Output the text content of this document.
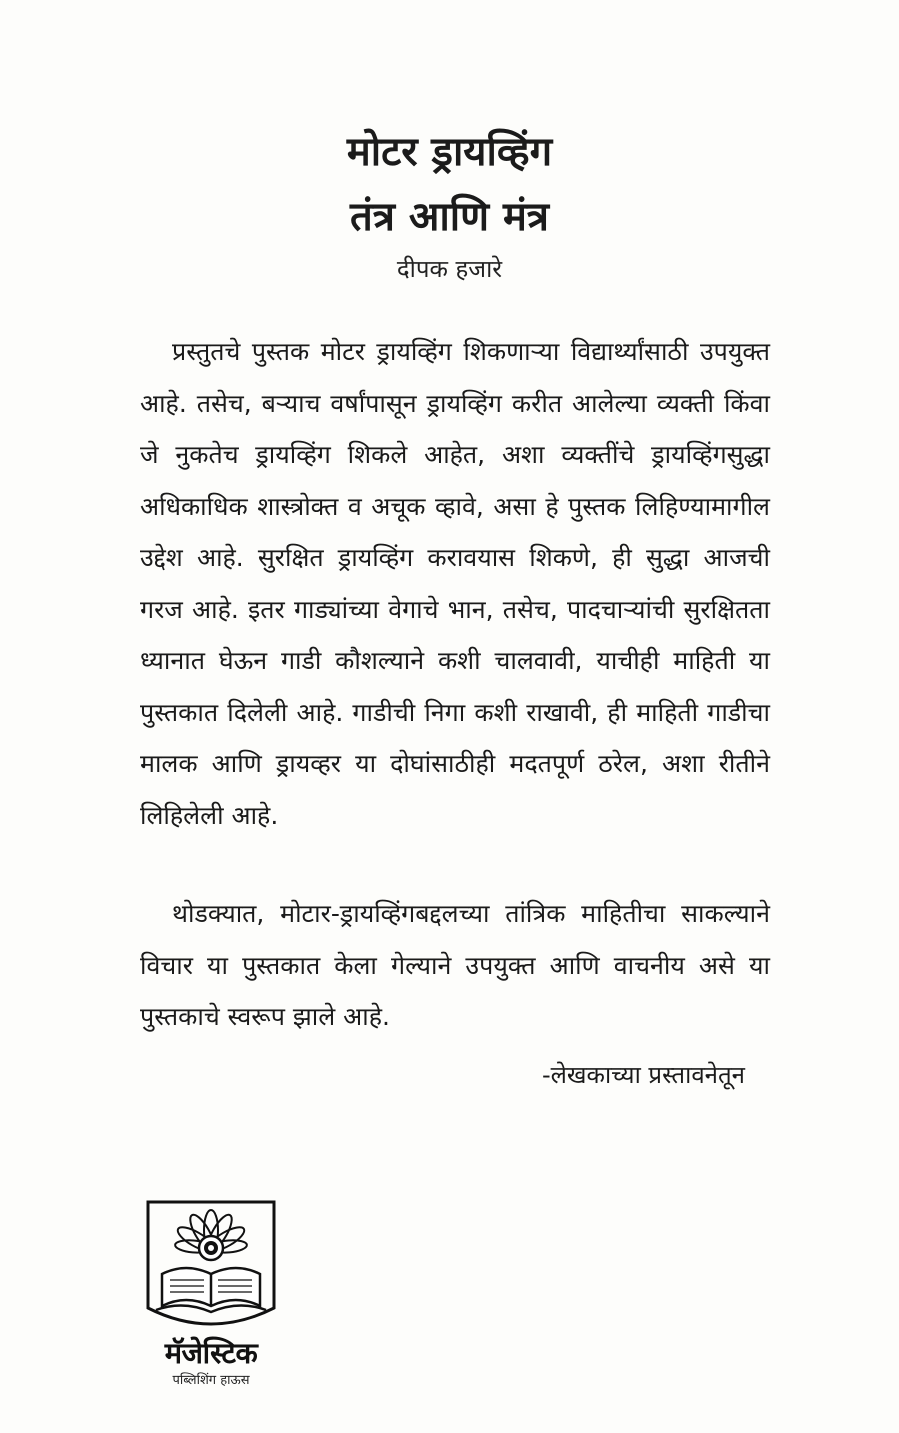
मोटर ड्रायव्हिंग
तंत्र आणि मंत्र
दीपक हजारे

प्रस्तुतचे पुस्तक मोटर ड्रायव्हिंग शिकणाऱ्या विद्यार्थ्यांसाठी उपयुक्त आहे. तसेच, बऱ्याच वर्षांपासून ड्रायव्हिंग करीत आलेल्या व्यक्ती किंवा जे नुकतेच ड्रायव्हिंग शिकले आहेत, अशा व्यक्तींचे ड्रायव्हिंगसुद्धा अधिकाधिक शास्त्रोक्त व अचूक व्हावे, असा हे पुस्तक लिहिण्यामागील उद्देश आहे. सुरक्षित ड्रायव्हिंग करावयास शिकणे, ही सुद्धा आजची गरज आहे. इतर गाड्यांच्या वेगाचे भान, तसेच, पादचाऱ्यांची सुरक्षितता ध्यानात घेऊन गाडी कौशल्याने कशी चालवावी, याचीही माहिती या पुस्तकात दिलेली आहे. गाडीची निगा कशी राखावी, ही माहिती गाडीचा मालक आणि ड्रायव्हर या दोघांसाठीही मदतपूर्ण ठरेल, अशा रीतीने लिहिलेली आहे.

थोडक्यात, मोटार-ड्रायव्हिंगबद्दलच्या तांत्रिक माहितीचा साकल्याने विचार या पुस्तकात केला गेल्याने उपयुक्त आणि वाचनीय असे या पुस्तकाचे स्वरूप झाले आहे.

-लेखकाच्या प्रस्तावनेतून
मॅजेस्टिक
पब्लिशिंग हाऊस
